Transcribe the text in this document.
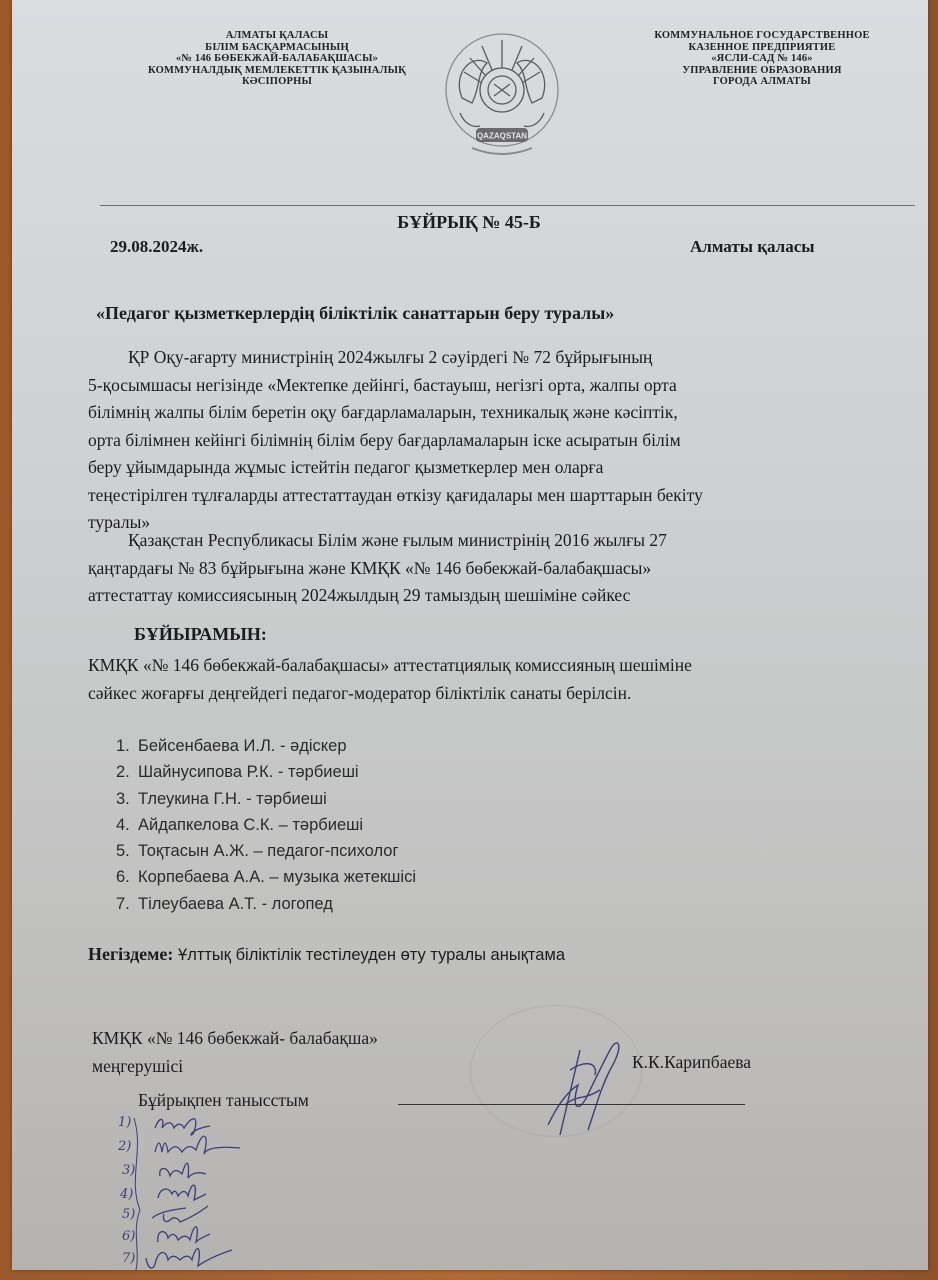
АЛМАТЫ ҚАЛАСЫ
БІЛІМ БАСҚАРМАСЫНЫҢ
«№ 146 БӨБЕКЖАЙ-БАЛАБАҚШАСЫ»
КОММУНАЛДЫҚ МЕМЛЕКЕТТІК ҚАЗЫНАЛЫҚ
КӘСІПОРНЫ
QAZAQSTAN
КОММУНАЛЬНОЕ ГОСУДАРСТВЕННОЕ
КАЗЕННОЕ ПРЕДПРИЯТИЕ
«ЯСЛИ-САД № 146»
УПРАВЛЕНИЕ ОБРАЗОВАНИЯ
ГОРОДА АЛМАТЫ
БҰЙРЫҚ № 45-Б
29.08.2024ж.	Алматы қаласы
«Педагог қызметкерлердің біліктілік санаттарын беру туралы»
ҚР Оқу-ағарту министрінің 2024жылғы 2 сәуірдегі № 72 бұйрығының
5-қосымшасы негізінде «Мектепке дейінгі, бастауыш, негізгі орта, жалпы орта
білімнің жалпы білім беретін оқу бағдарламаларын, техникалық және кәсіптік,
орта білімнен кейінгі білімнің білім беру бағдарламаларын іске асыратын білім
беру ұйымдарында жұмыс істейтін педагог қызметкерлер мен оларға
теңестірілген тұлғаларды аттестаттаудан өткізу қағидалары мен шарттарын бекіту
туралы»
Қазақстан Республикасы Білім және ғылым министрінің 2016 жылғы 27
қаңтардағы № 83 бұйрығына және КМҚК «№ 146 бөбекжай-балабақшасы»
аттестаттау комиссиясының 2024жылдың 29 тамыздың шешіміне сәйкес
БҰЙЫРАМЫН:
КМҚК «№ 146 бөбекжай-балабақшасы» аттестатциялық комиссияның шешіміне
сәйкес жоғарғы деңгейдегі педагог-модератор біліктілік санаты берілсін.
1. Бейсенбаева И.Л. - әдіскер
2. Шайнусипова Р.К. - тәрбиеші
3. Тлеукина Г.Н. - тәрбиеші
4. Айдапкелова С.К. – тәрбиеші
5. Тоқтасын А.Ж. – педагог-психолог
6. Корпебаева А.А. – музыка жетекшісі
7. Тілеубаева А.Т. - логопед
Негіздеме: Ұлттық біліктілік тестілеуден өту туралы анықтама
КМҚК «№ 146 бөбекжай- балабақша»
меңгерушісі	К.К.Карипбаева
Бұйрықпен танысстым
1)
2)
3)
4)
5)
6)
7)
